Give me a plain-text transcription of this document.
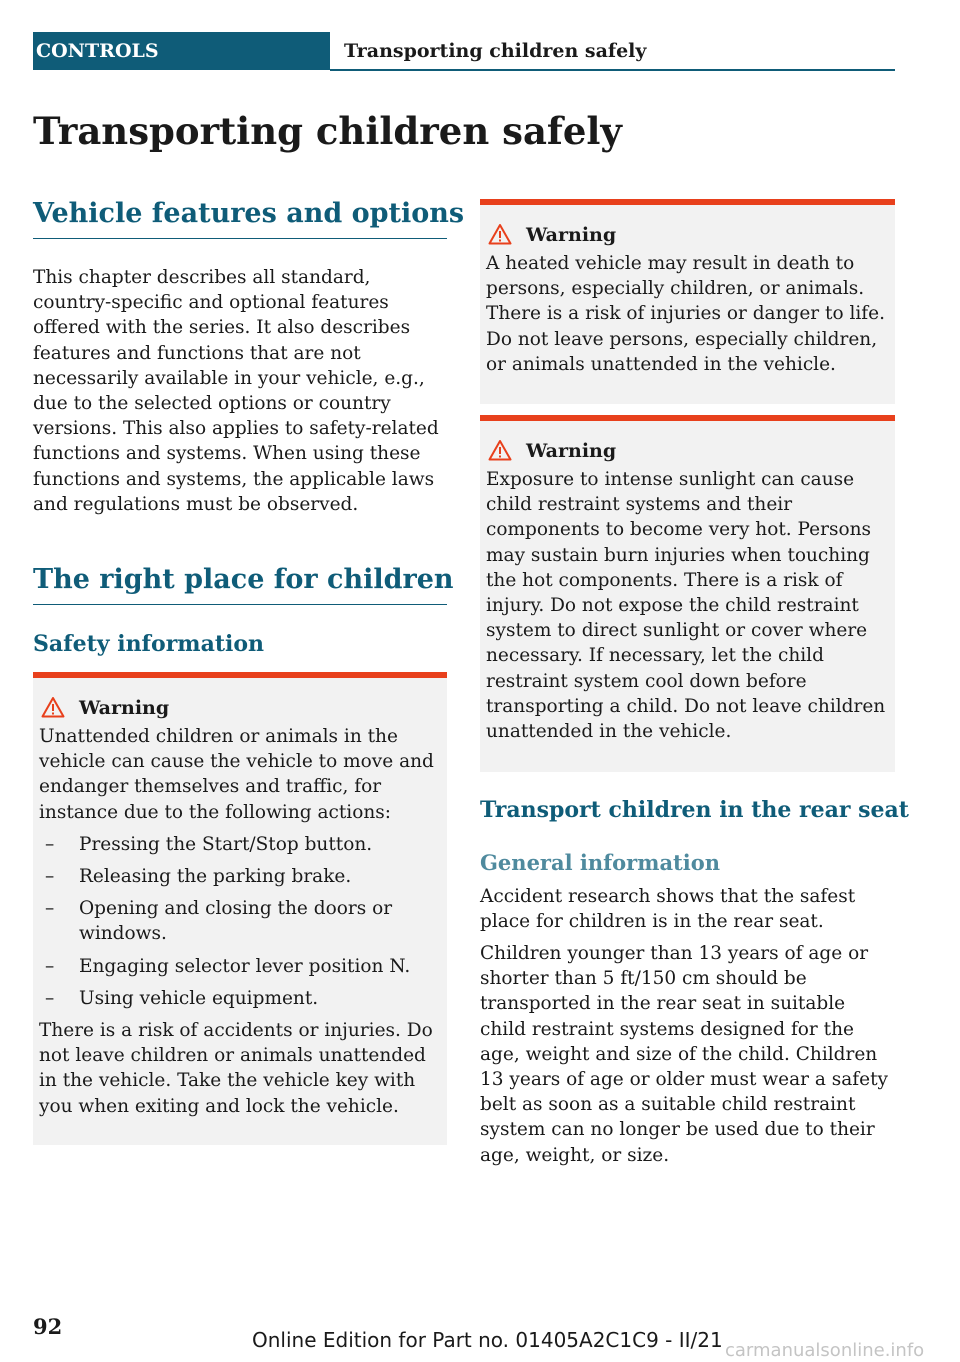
CONTROLS	Transporting children safely
Transporting children safely
Vehicle features and options

This chapter describes all standard, country-specific and optional features offered with the series. It also describes features and functions that are not necessarily available in your vehicle, e.g., due to the selected options or country versions. This also applies to safety-related functions and systems. When using these functions and systems, the applicable laws and regulations must be observed.

The right place for children
Safety information
Warning

Unattended children or animals in the vehicle can cause the vehicle to move and endanger themselves and traffic, for instance due to the following actions:

– Pressing the Start/Stop button.
– Releasing the parking brake.
– Opening and closing the doors or windows.
– Engaging selector lever position N.
– Using vehicle equipment.

There is a risk of accidents or injuries. Do not leave children or animals unattended in the vehicle. Take the vehicle key with you when exiting and lock the vehicle.

Warning

A heated vehicle may result in death to persons, especially children, or animals. There is a risk of injuries or danger to life. Do not leave persons, especially children, or animals unattended in the vehicle.

Warning

Exposure to intense sunlight can cause child restraint systems and their components to become very hot. Persons may sustain burn injuries when touching the hot components. There is a risk of injury. Do not expose the child restraint system to direct sunlight or cover where necessary. If necessary, let the child restraint system cool down before transporting a child. Do not leave children unattended in the vehicle.

Transport children in the rear seat
General information

Accident research shows that the safest place for children is in the rear seat.

Children younger than 13 years of age or shorter than 5 ft/150 cm should be transported in the rear seat in suitable child restraint systems designed for the age, weight and size of the child. Children 13 years of age or older must wear a safety belt as soon as a suitable child restraint system can no longer be used due to their age, weight, or size.

92
Online Edition for Part no. 01405A2C1C9 - II/21 carmanualsonline.info
